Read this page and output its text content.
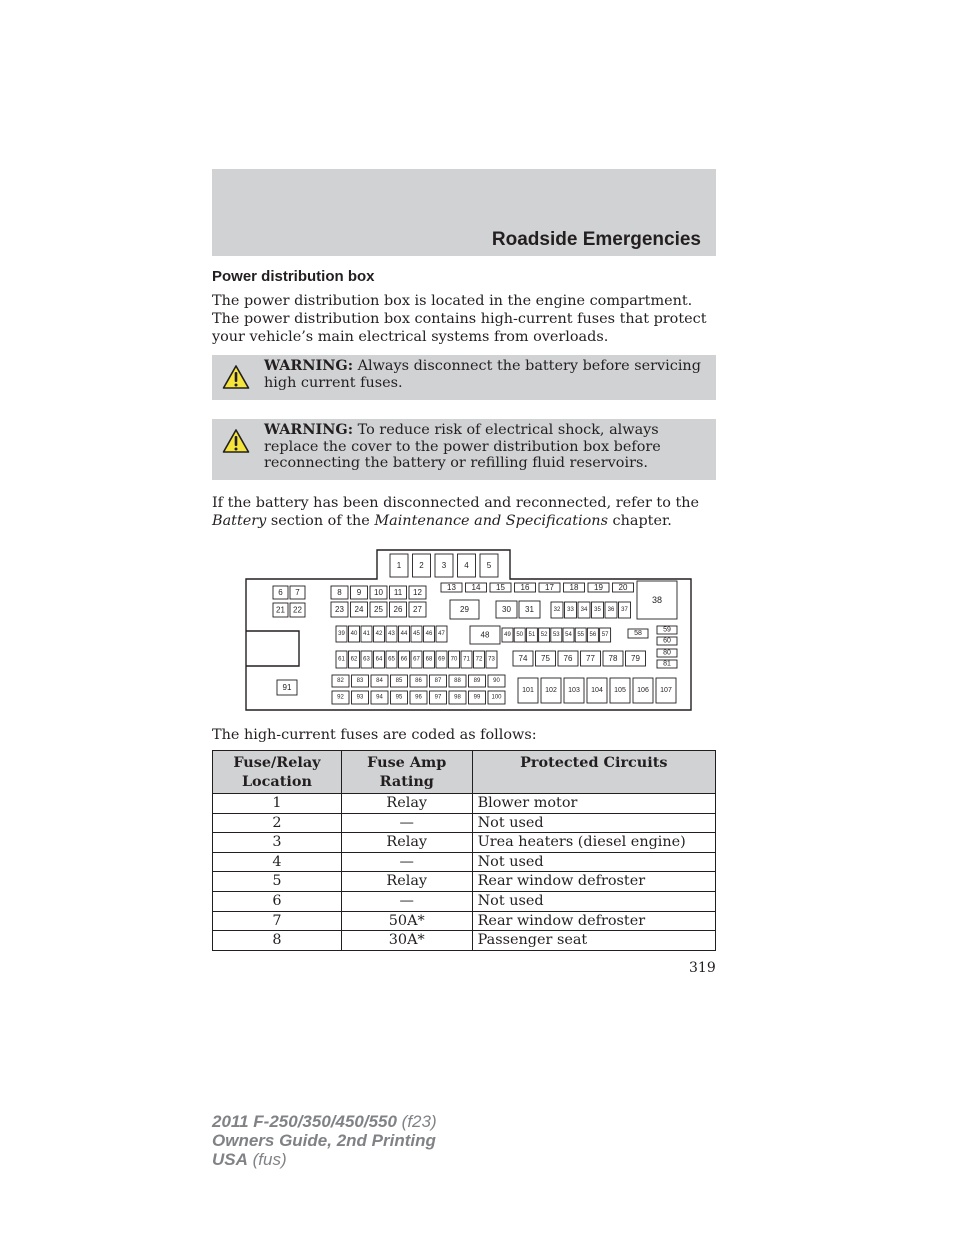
Roadside Emergencies
Power distribution box
The power distribution box is located in the engine compartment. The power distribution box contains high-current fuses that protect your vehicle’s main electrical systems from overloads.
WARNING: Always disconnect the battery before servicing high current fuses.
WARNING: To reduce risk of electrical shock, always replace the cover to the power distribution box before reconnecting the battery or refilling fluid reservoirs.
If the battery has been disconnected and reconnected, refer to the Battery section of the Maintenance and Specifications chapter.
1 2 3 4 5
6 7	8 9 10 11 12
13 14 15 16 17 18 19 20
21 22	23 24 25 26 27	29	30 31	32 33 34 35 36 37
38
39 40 41 42 43 44 45 46 47	48 49 50 51 52 53 54 55 56 57	58	59
60
61 62 63 64 65 66 67 68 69 70 71 72 73	74 75 76 77 78 79
80
81
82 83 84 85 86 87 88 89 90
91
92 93 94 95 96 97 98 99 100
101 102 103 104 105 106 107
The high-current fuses are coded as follows:
Fuse/Relay Location	Fuse Amp Rating	Protected Circuits
1	Relay	Blower motor
2	—	Not used
3	Relay	Urea heaters (diesel engine)
4	—	Not used
5	Relay	Rear window defroster
6	—	Not used
7	50A*	Rear window defroster
8	30A*	Passenger seat
319
2011 F-250/350/450/550 (f23)
Owners Guide, 2nd Printing
USA (fus)
